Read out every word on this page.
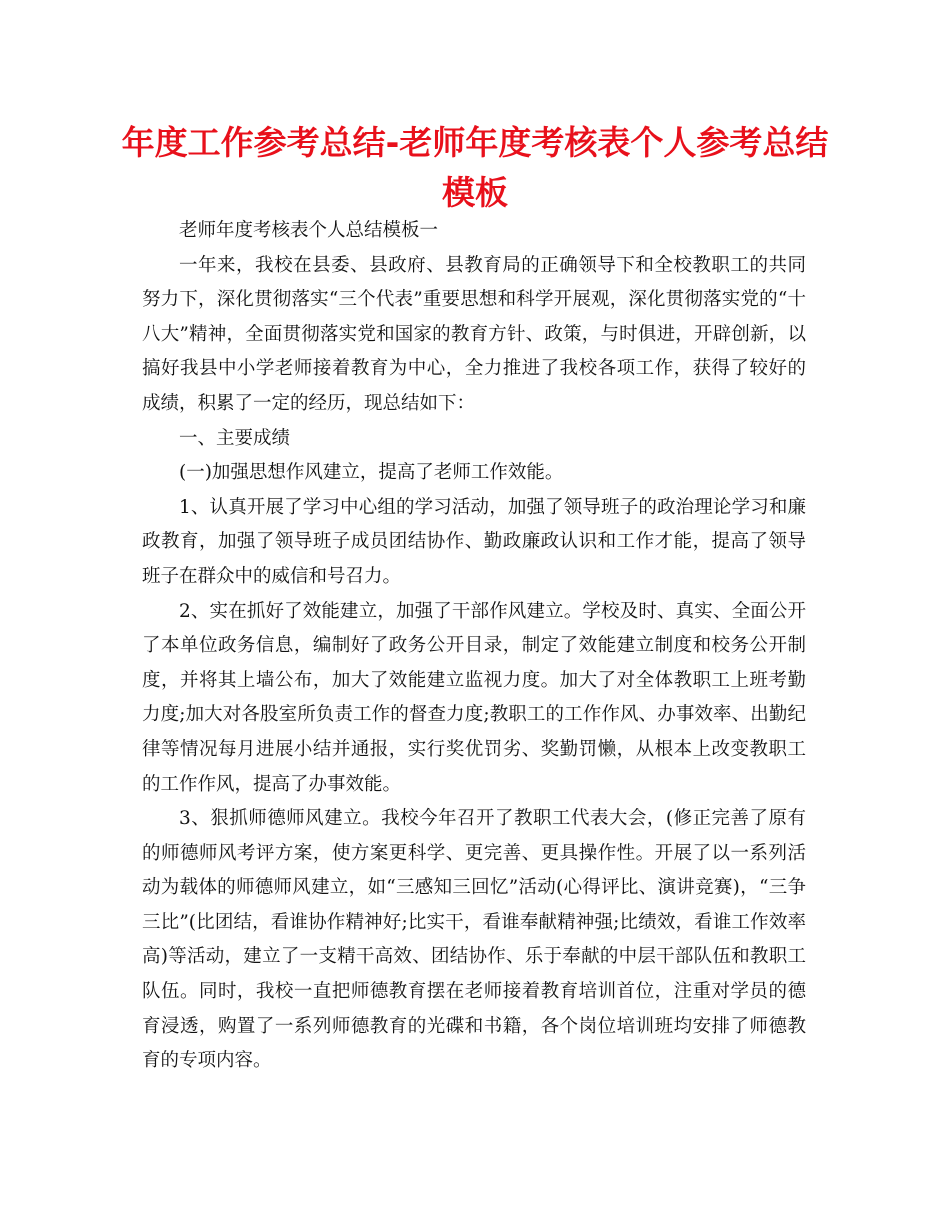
年度工作参考总结-老师年度考核表个人参考总结模板

老师年度考核表个人总结模板一

一年来，我校在县委、县政府、县教育局的正确领导下和全校教职工的共同努力下，深化贯彻落实“三个代表”重要思想和科学开展观，深化贯彻落实党的“十八大”精神，全面贯彻落实党和国家的教育方针、政策，与时俱进，开辟创新，以搞好我县中小学老师接着教育为中心，全力推进了我校各项工作，获得了较好的成绩，积累了一定的经历，现总结如下：

一、主要成绩

(一)加强思想作风建立，提高了老师工作效能。

1、认真开展了学习中心组的学习活动，加强了领导班子的政治理论学习和廉政教育，加强了领导班子成员团结协作、勤政廉政认识和工作才能，提高了领导班子在群众中的威信和号召力。

2、实在抓好了效能建立，加强了干部作风建立。学校及时、真实、全面公开了本单位政务信息，编制好了政务公开目录，制定了效能建立制度和校务公开制度，并将其上墙公布，加大了效能建立监视力度。加大了对全体教职工上班考勤力度;加大对各股室所负责工作的督查力度;教职工的工作作风、办事效率、出勤纪律等情况每月进展小结并通报，实行奖优罚劣、奖勤罚懒，从根本上改变教职工的工作作风，提高了办事效能。

3、狠抓师德师风建立。我校今年召开了教职工代表大会，(修正完善了原有的师德师风考评方案，使方案更科学、更完善、更具操作性。开展了以一系列活动为载体的师德师风建立，如“三感知三回忆”活动(心得评比、演讲竞赛)，“三争三比”(比团结，看谁协作精神好;比实干，看谁奉献精神强;比绩效，看谁工作效率高)等活动，建立了一支精干高效、团结协作、乐于奉献的中层干部队伍和教职工队伍。同时，我校一直把师德教育摆在老师接着教育培训首位，注重对学员的德育浸透，购置了一系列师德教育的光碟和书籍，各个岗位培训班均安排了师德教育的专项内容。
